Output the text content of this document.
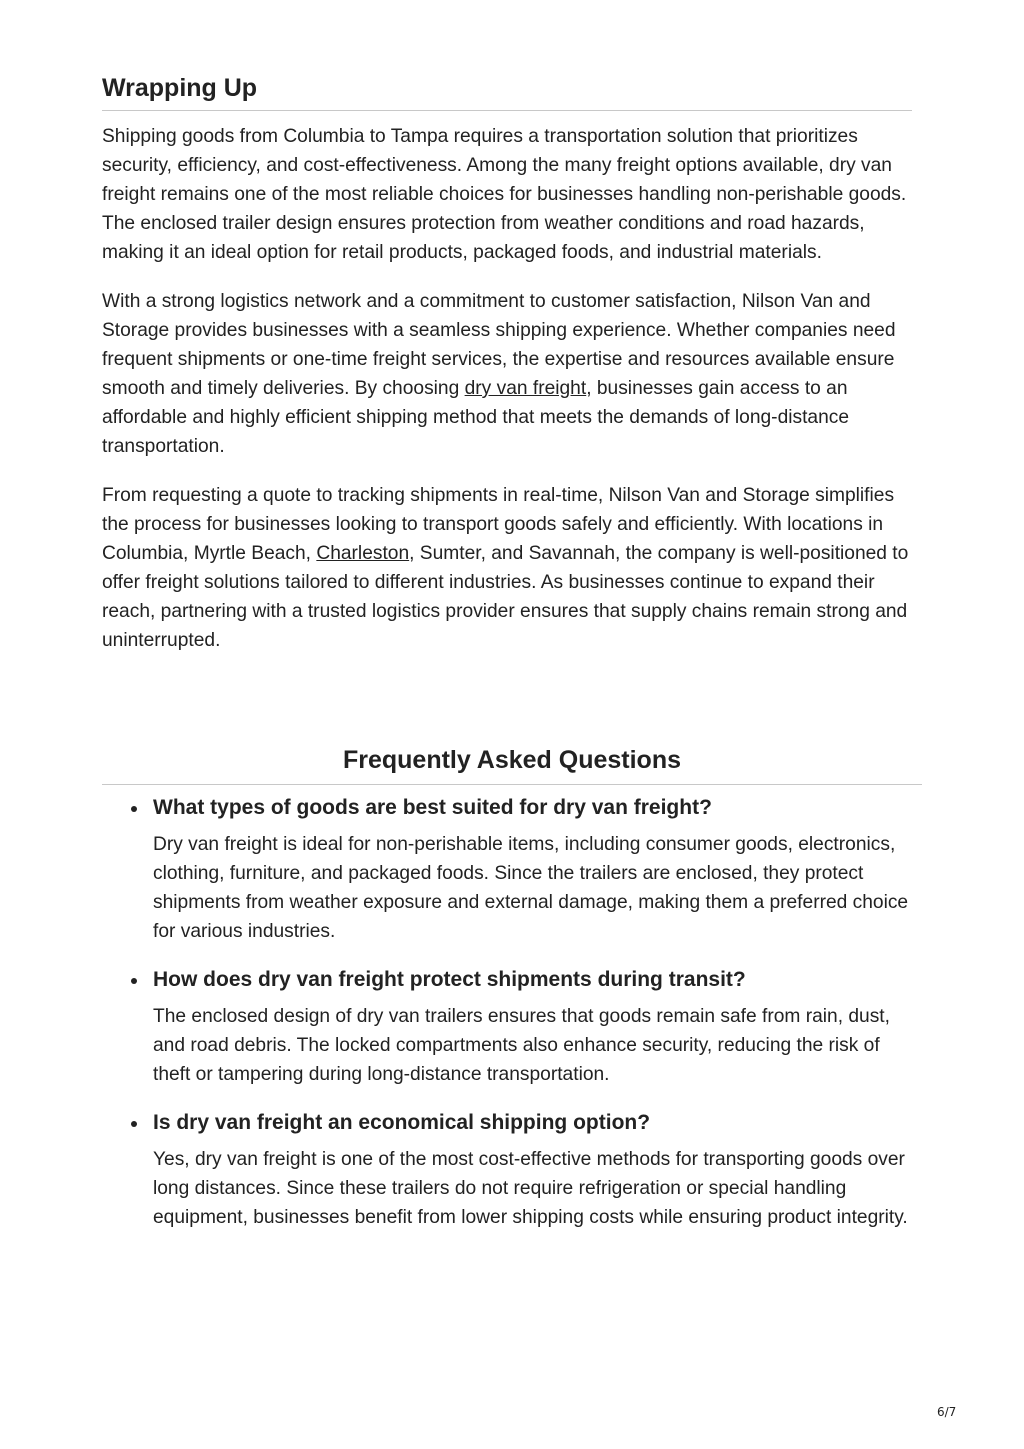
Wrapping Up

Shipping goods from Columbia to Tampa requires a transportation solution that prioritizes security, efficiency, and cost-effectiveness. Among the many freight options available, dry van freight remains one of the most reliable choices for businesses handling non-perishable goods. The enclosed trailer design ensures protection from weather conditions and road hazards, making it an ideal option for retail products, packaged foods, and industrial materials.

With a strong logistics network and a commitment to customer satisfaction, Nilson Van and Storage provides businesses with a seamless shipping experience. Whether companies need frequent shipments or one-time freight services, the expertise and resources available ensure smooth and timely deliveries. By choosing dry van freight, businesses gain access to an affordable and highly efficient shipping method that meets the demands of long-distance transportation.

From requesting a quote to tracking shipments in real-time, Nilson Van and Storage simplifies the process for businesses looking to transport goods safely and efficiently. With locations in Columbia, Myrtle Beach, Charleston, Sumter, and Savannah, the company is well-positioned to offer freight solutions tailored to different industries. As businesses continue to expand their reach, partnering with a trusted logistics provider ensures that supply chains remain strong and uninterrupted.

Frequently Asked Questions
What types of goods are best suited for dry van freight?

Dry van freight is ideal for non-perishable items, including consumer goods, electronics, clothing, furniture, and packaged foods. Since the trailers are enclosed, they protect shipments from weather exposure and external damage, making them a preferred choice for various industries.

How does dry van freight protect shipments during transit?

The enclosed design of dry van trailers ensures that goods remain safe from rain, dust, and road debris. The locked compartments also enhance security, reducing the risk of theft or tampering during long-distance transportation.

Is dry van freight an economical shipping option?

Yes, dry van freight is one of the most cost-effective methods for transporting goods over long distances. Since these trailers do not require refrigeration or special handling equipment, businesses benefit from lower shipping costs while ensuring product integrity.

6/7
